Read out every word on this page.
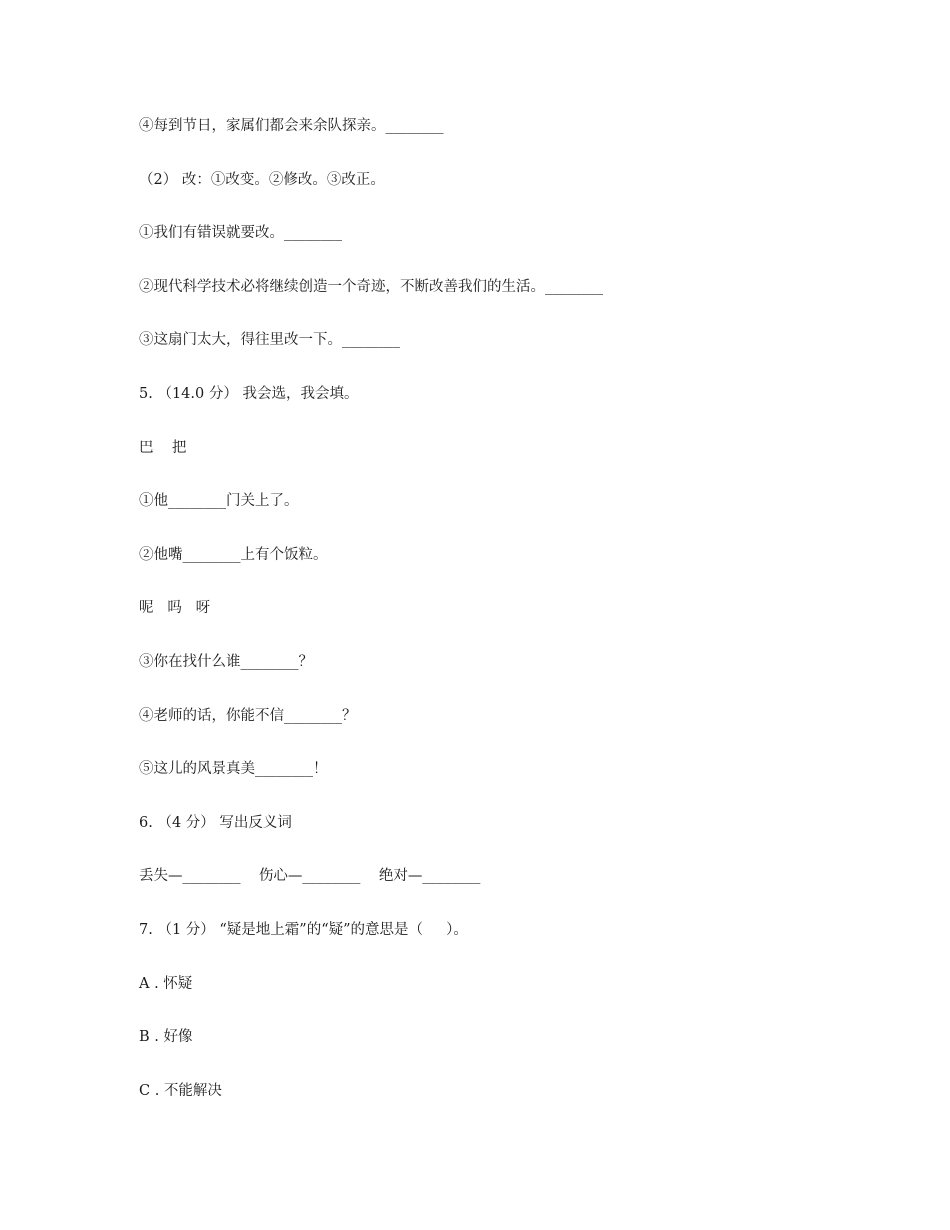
④每到节日，家属们都会来余队探亲。________
（2） 改：①改变。②修改。③改正。
①我们有错误就要改。________
②现代科学技术必将继续创造一个奇迹，不断改善我们的生活。________
③这扇门太大，得往里改一下。________
5. （14.0 分） 我会选，我会填。
巴    把
①他________门关上了。
②他嘴________上有个饭粒。
呢   吗   呀
③你在找什么谁________？
④老师的话，你能不信________？
⑤这儿的风景真美________！
6. （4 分） 写出反义词
丢失—________    伤心—________    绝对—________
7. （1 分） “疑是地上霜”的“疑”的意思是（     ）。
A . 怀疑
B . 好像
C . 不能解决
